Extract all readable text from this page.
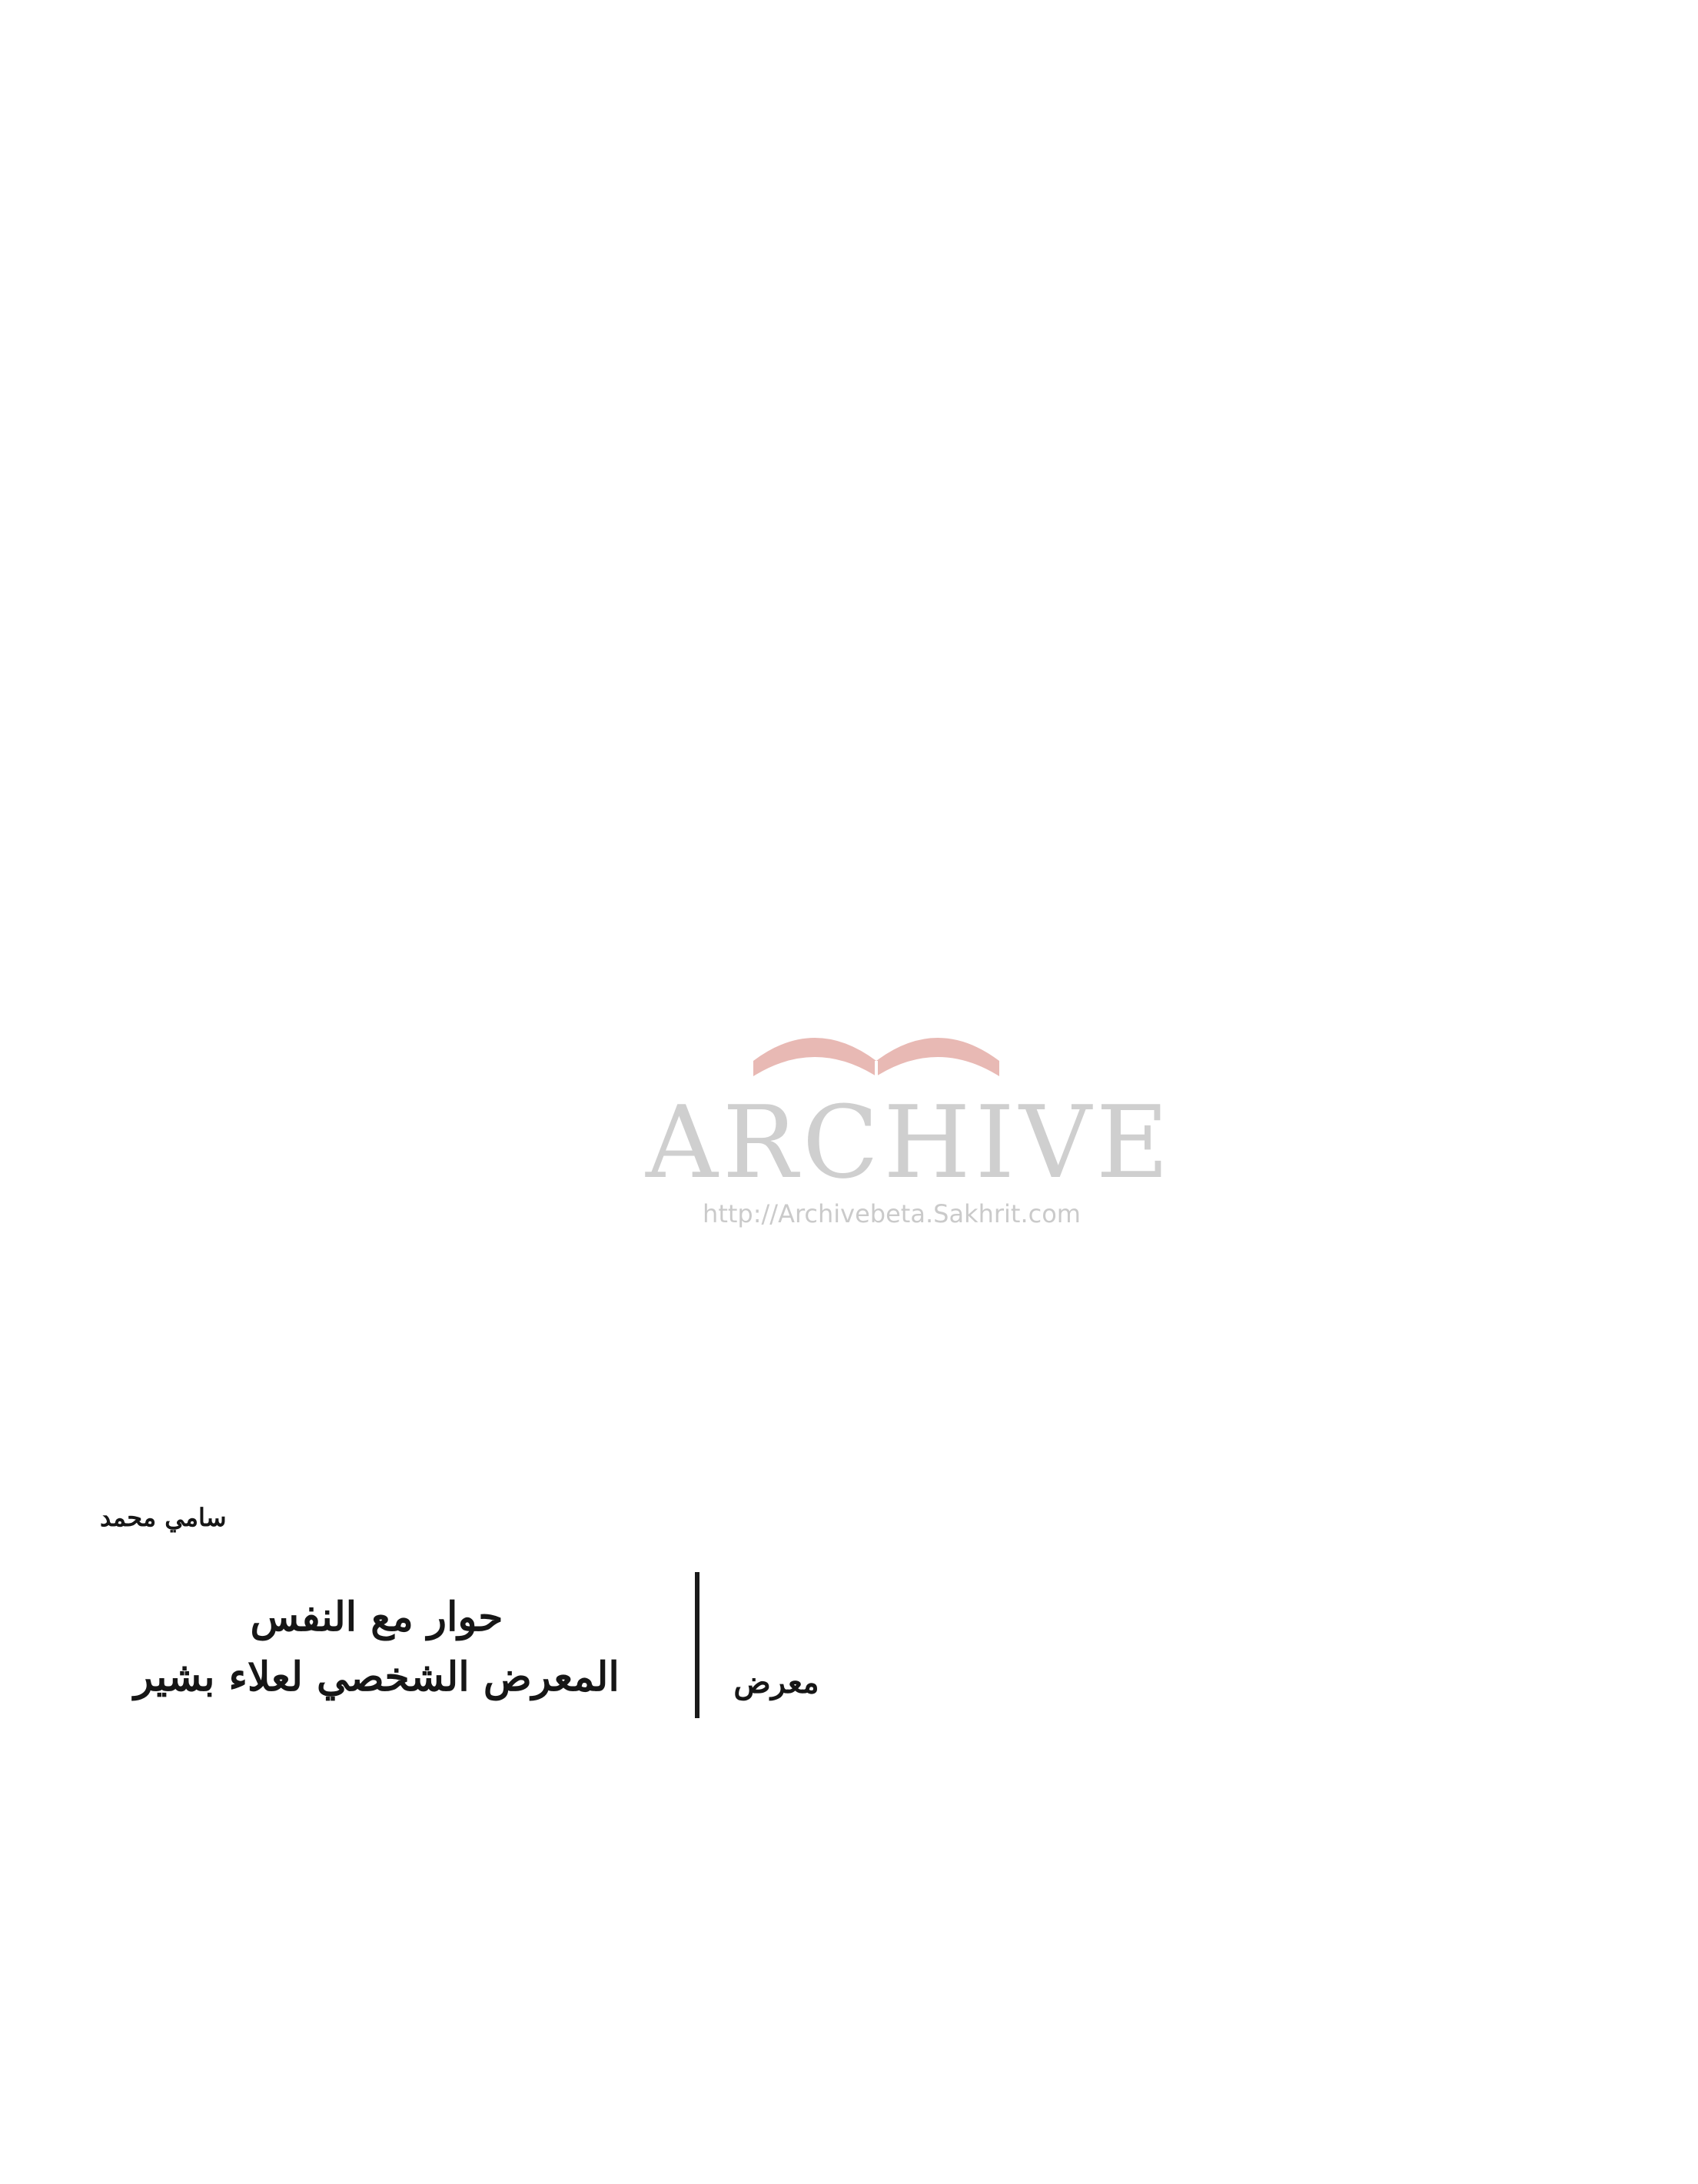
سامي محمد
معرض
حوار مع النفس
المعرض الشخصي لعلاء بشير

ARCHIVE
http://Archivebeta.Sakhrit.com
